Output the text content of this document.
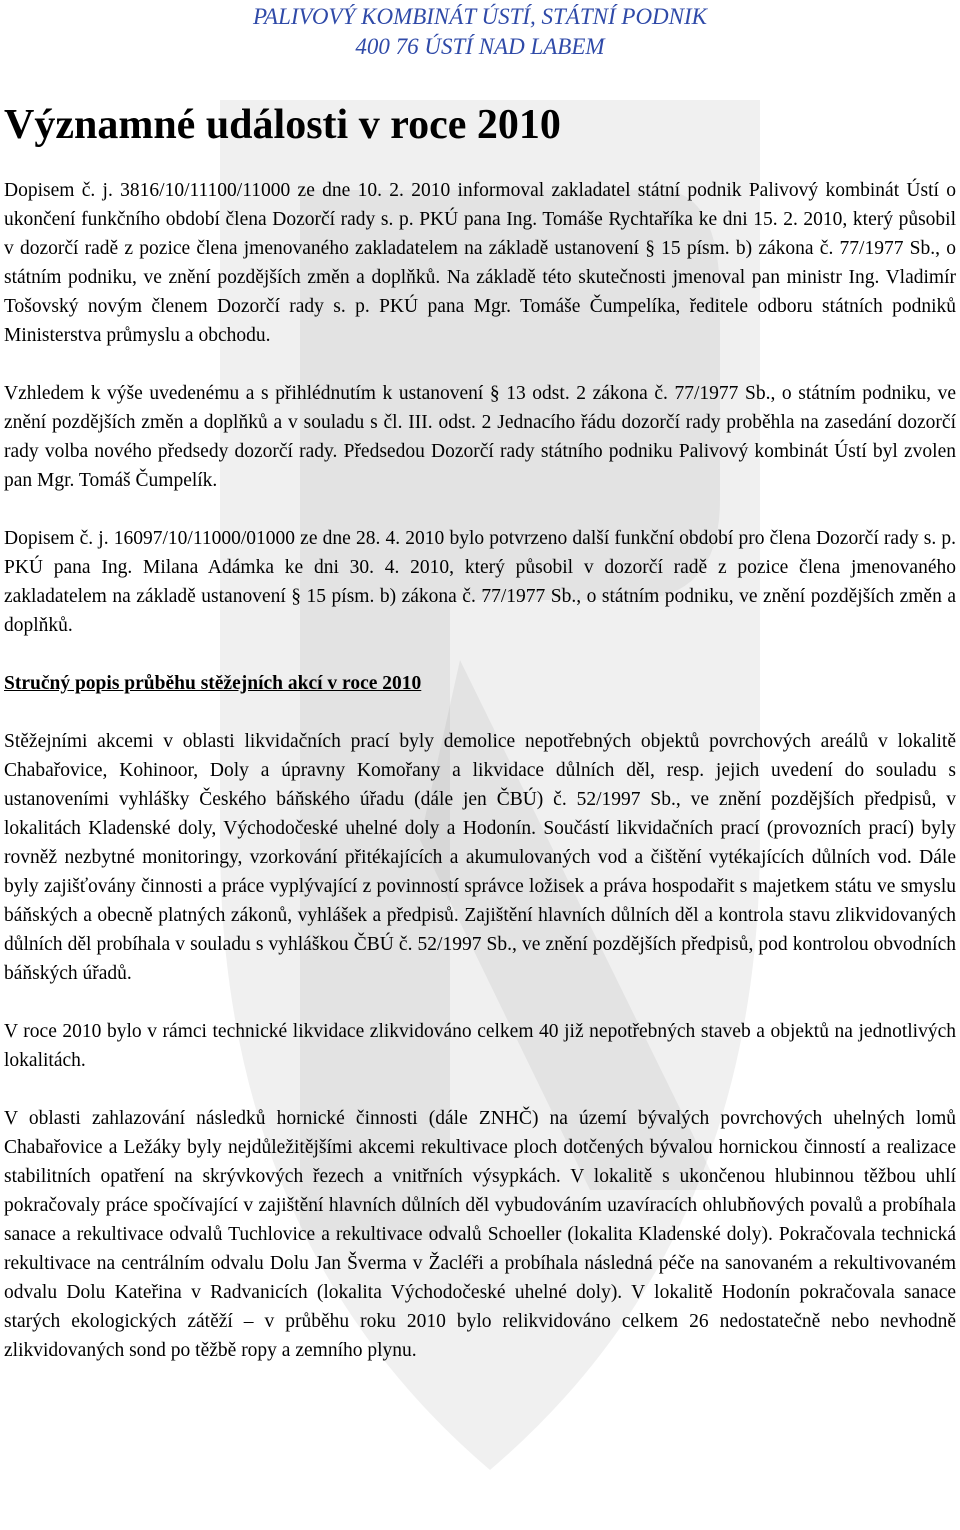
PALIVOVÝ KOMBINÁT ÚSTÍ, STÁTNÍ PODNIK
400 76 ÚSTÍ NAD LABEM
Významné události v roce 2010

Dopisem č. j. 3816/10/11100/11000 ze dne 10. 2. 2010 informoval zakladatel státní podnik Palivový kombinát Ústí o ukončení funkčního období člena Dozorčí rady s. p. PKÚ pana Ing. Tomáše Rychtaříka ke dni 15. 2. 2010, který působil v dozorčí radě z pozice člena jmenovaného zakladatelem na základě ustanovení § 15 písm. b) zákona č. 77/1977 Sb., o státním podniku, ve znění pozdějších změn a doplňků. Na základě této skutečnosti jmenoval pan ministr Ing. Vladimír Tošovský novým členem Dozorčí rady s. p. PKÚ pana Mgr. Tomáše Čumpelíka, ředitele odboru státních podniků Ministerstva průmyslu a obchodu.

Vzhledem k výše uvedenému a s přihlédnutím k ustanovení § 13 odst. 2 zákona č. 77/1977 Sb., o státním podniku, ve znění pozdějších změn a doplňků a v souladu s čl. III. odst. 2 Jednacího řádu dozorčí rady proběhla na zasedání dozorčí rady volba nového předsedy dozorčí rady. Předsedou Dozorčí rady státního podniku Palivový kombinát Ústí byl zvolen pan Mgr. Tomáš Čumpelík.

Dopisem č. j. 16097/10/11000/01000 ze dne 28. 4. 2010 bylo potvrzeno další funkční období pro člena Dozorčí rady s. p. PKÚ pana Ing. Milana Adámka ke dni 30. 4. 2010, který působil v dozorčí radě z pozice člena jmenovaného zakladatelem na základě ustanovení § 15 písm. b) zákona č. 77/1977 Sb., o státním podniku, ve znění pozdějších změn a doplňků.

Stručný popis průběhu stěžejních akcí v roce 2010

Stěžejními akcemi v oblasti likvidačních prací byly demolice nepotřebných objektů povrchových areálů v lokalitě Chabařovice, Kohinoor, Doly a úpravny Komořany a likvidace důlních děl, resp. jejich uvedení do souladu s ustanoveními vyhlášky Českého báňského úřadu (dále jen ČBÚ) č. 52/1997 Sb., ve znění pozdějších předpisů, v lokalitách Kladenské doly, Východočeské uhelné doly a Hodonín. Součástí likvidačních prací (provozních prací) byly rovněž nezbytné monitoringy, vzorkování přitékajících a akumulovaných vod a čištění vytékajících důlních vod. Dále byly zajišťovány činnosti a práce vyplývající z povinností správce ložisek a práva hospodařit s majetkem státu ve smyslu báňských a obecně platných zákonů, vyhlášek a předpisů. Zajištění hlavních důlních děl a kontrola stavu zlikvidovaných důlních děl probíhala v souladu s vyhláškou ČBÚ č. 52/1997 Sb., ve znění pozdějších předpisů, pod kontrolou obvodních báňských úřadů.

V roce 2010 bylo v rámci technické likvidace zlikvidováno celkem 40 již nepotřebných staveb a objektů na jednotlivých lokalitách.

V oblasti zahlazování následků hornické činnosti (dále ZNHČ) na území bývalých povrchových uhelných lomů Chabařovice a Ležáky byly nejdůležitějšími akcemi rekultivace ploch dotčených bývalou hornickou činností a realizace stabilitních opatření na skrývkových řezech a vnitřních výsypkách. V lokalitě s ukončenou hlubinnou těžbou uhlí pokračovaly práce spočívající v zajištění hlavních důlních děl vybudováním uzavíracích ohlubňových povalů a probíhala sanace a rekultivace odvalů Tuchlovice a rekultivace odvalů Schoeller (lokalita Kladenské doly). Pokračovala technická rekultivace na centrálním odvalu Dolu Jan Šverma v Žacléři a probíhala následná péče na sanovaném a rekultivovaném odvalu Dolu Kateřina v Radvanicích (lokalita Východočeské uhelné doly). V lokalitě Hodonín pokračovala sanace starých ekologických zátěží – v průběhu roku 2010 bylo relikvidováno celkem 26 nedostatečně nebo nevhodně zlikvidovaných sond po těžbě ropy a zemního plynu.
